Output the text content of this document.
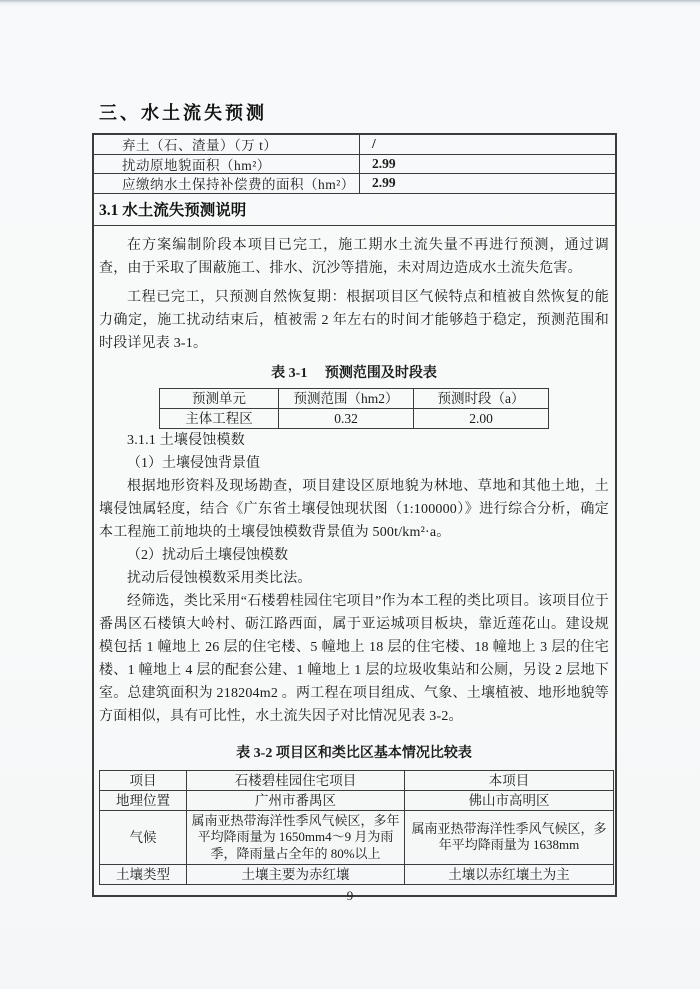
三、水土流失预测
弃土（石、渣量）（万 t）	/
扰动原地貌面积（hm²）	2.99
应缴纳水土保持补偿费的面积（hm²）	2.99
3.1 水土流失预测说明

在方案编制阶段本项目已完工，施工期水土流失量不再进行预测，通过调查，由于采取了围蔽施工、排水、沉沙等措施，未对周边造成水土流失危害。

工程已完工，只预测自然恢复期：根据项目区气候特点和植被自然恢复的能力确定，施工扰动结束后，植被需 2 年左右的时间才能够趋于稳定，预测范围和时段详见表 3-1。

表 3-1　 预测范围及时段表
预测单元	预测范围（hm2）	预测时段（a）
主体工程区	0.32	2.00

3.1.1 土壤侵蚀模数

（1）土壤侵蚀背景值

根据地形资料及现场勘查，项目建设区原地貌为林地、草地和其他土地，土壤侵蚀属轻度，结合《广东省土壤侵蚀现状图（1:100000）》进行综合分析，确定本工程施工前地块的土壤侵蚀模数背景值为 500t/km²·a。

（2）扰动后土壤侵蚀模数

扰动后侵蚀模数采用类比法。

经筛选，类比采用“石楼碧桂园住宅项目”作为本工程的类比项目。该项目位于番禺区石楼镇大岭村、砺江路西面，属于亚运城项目板块，靠近莲花山。建设规模包括 1 幢地上 26 层的住宅楼、5 幢地上 18 层的住宅楼、18 幢地上 3 层的住宅楼、1 幢地上 4 层的配套公建、1 幢地上 1 层的垃圾收集站和公厕，另设 2 层地下室。总建筑面积为 218204m2 。两工程在项目组成、气象、土壤植被、地形地貌等方面相似，具有可比性，水土流失因子对比情况见表 3-2。

表 3-2 项目区和类比区基本情况比较表
项目	石楼碧桂园住宅项目	本项目
地理位置	广州市番禺区	佛山市高明区
气候	属南亚热带海洋性季风气候区，多年平均降雨量为 1650mm4～9 月为雨季，降雨量占全年的 80%以上	属南亚热带海洋性季风气候区，多年平均降雨量为 1638mm
土壤类型	土壤主要为赤红壤	土壤以赤红壤土为主
9
